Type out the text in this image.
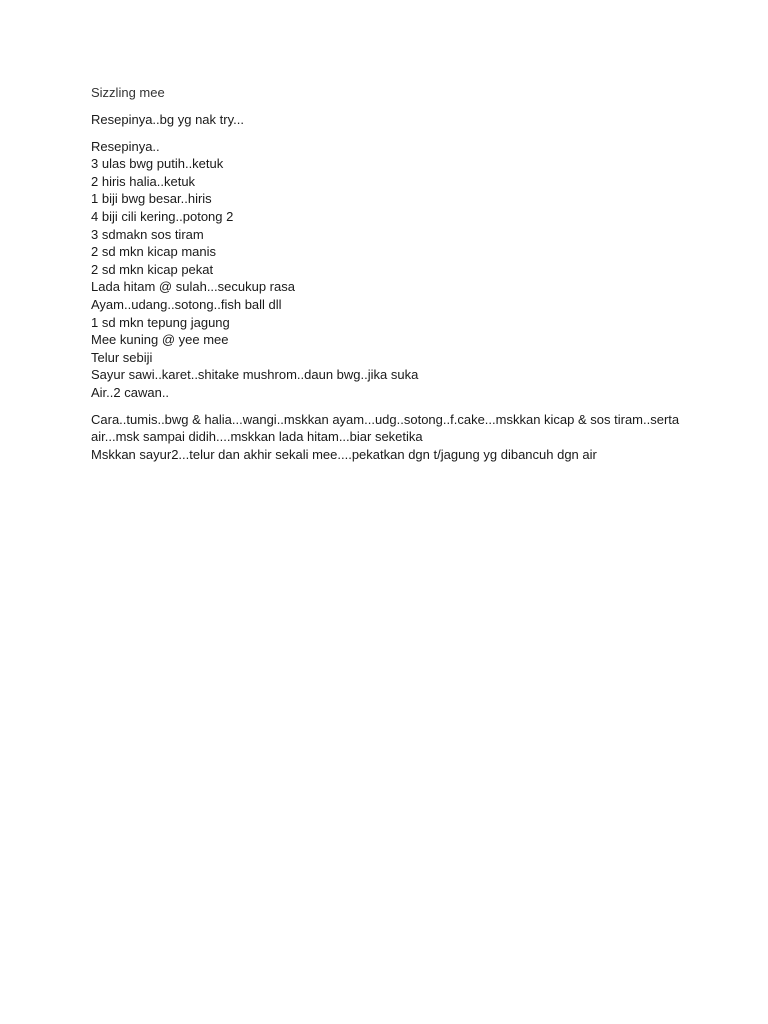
Sizzling mee
Resepinya..bg yg nak try...
Resepinya..
3 ulas bwg putih..ketuk
2 hiris halia..ketuk
1 biji bwg besar..hiris
4 biji cili kering..potong 2
3 sdmakn sos tiram
2 sd mkn kicap manis
2 sd mkn kicap pekat
Lada hitam @ sulah...secukup rasa
Ayam..udang..sotong..fish ball dll
1 sd mkn tepung jagung
Mee kuning @ yee mee
Telur sebiji
Sayur sawi..karet..shitake mushrom..daun bwg..jika suka
Air..2 cawan..

Cara..tumis..bwg & halia...wangi..mskkan ayam...udg..sotong..f.cake...mskkan kicap & sos tiram..serta air...msk sampai didih....mskkan lada hitam...biar seketika

Mskkan sayur2...telur dan akhir sekali mee....pekatkan dgn t/jagung yg dibancuh dgn air
